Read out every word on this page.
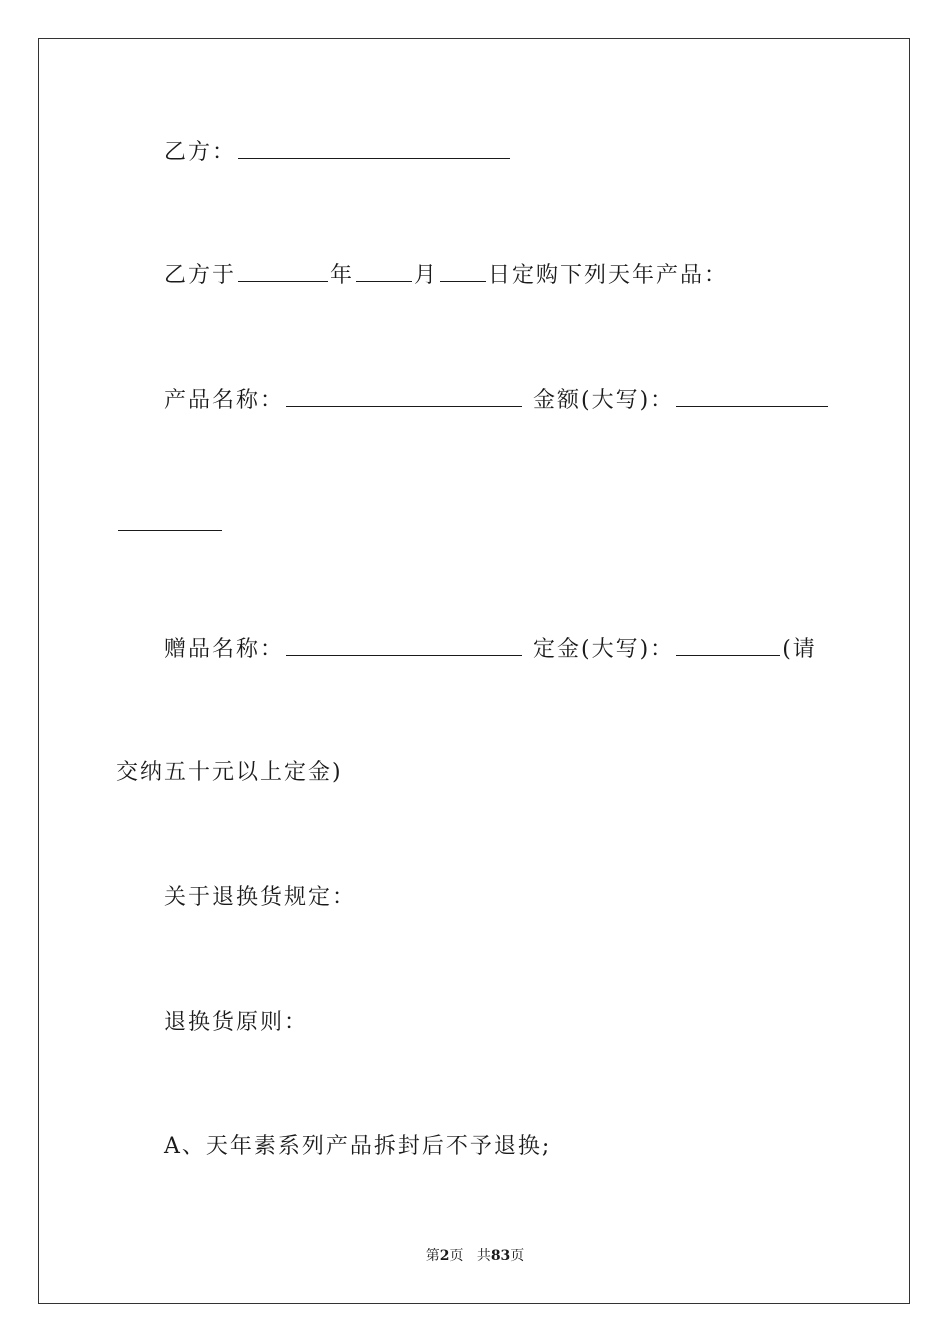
乙方：
乙方于	年	月 日定购下列天年产品：
产品名称：	金额(大写)：
赠品名称：	定金(大写)：	(请
交纳五十元以上定金)
关于退换货规定：
退换货原则：
A、天年素系列产品拆封后不予退换;
第2页 共83页
